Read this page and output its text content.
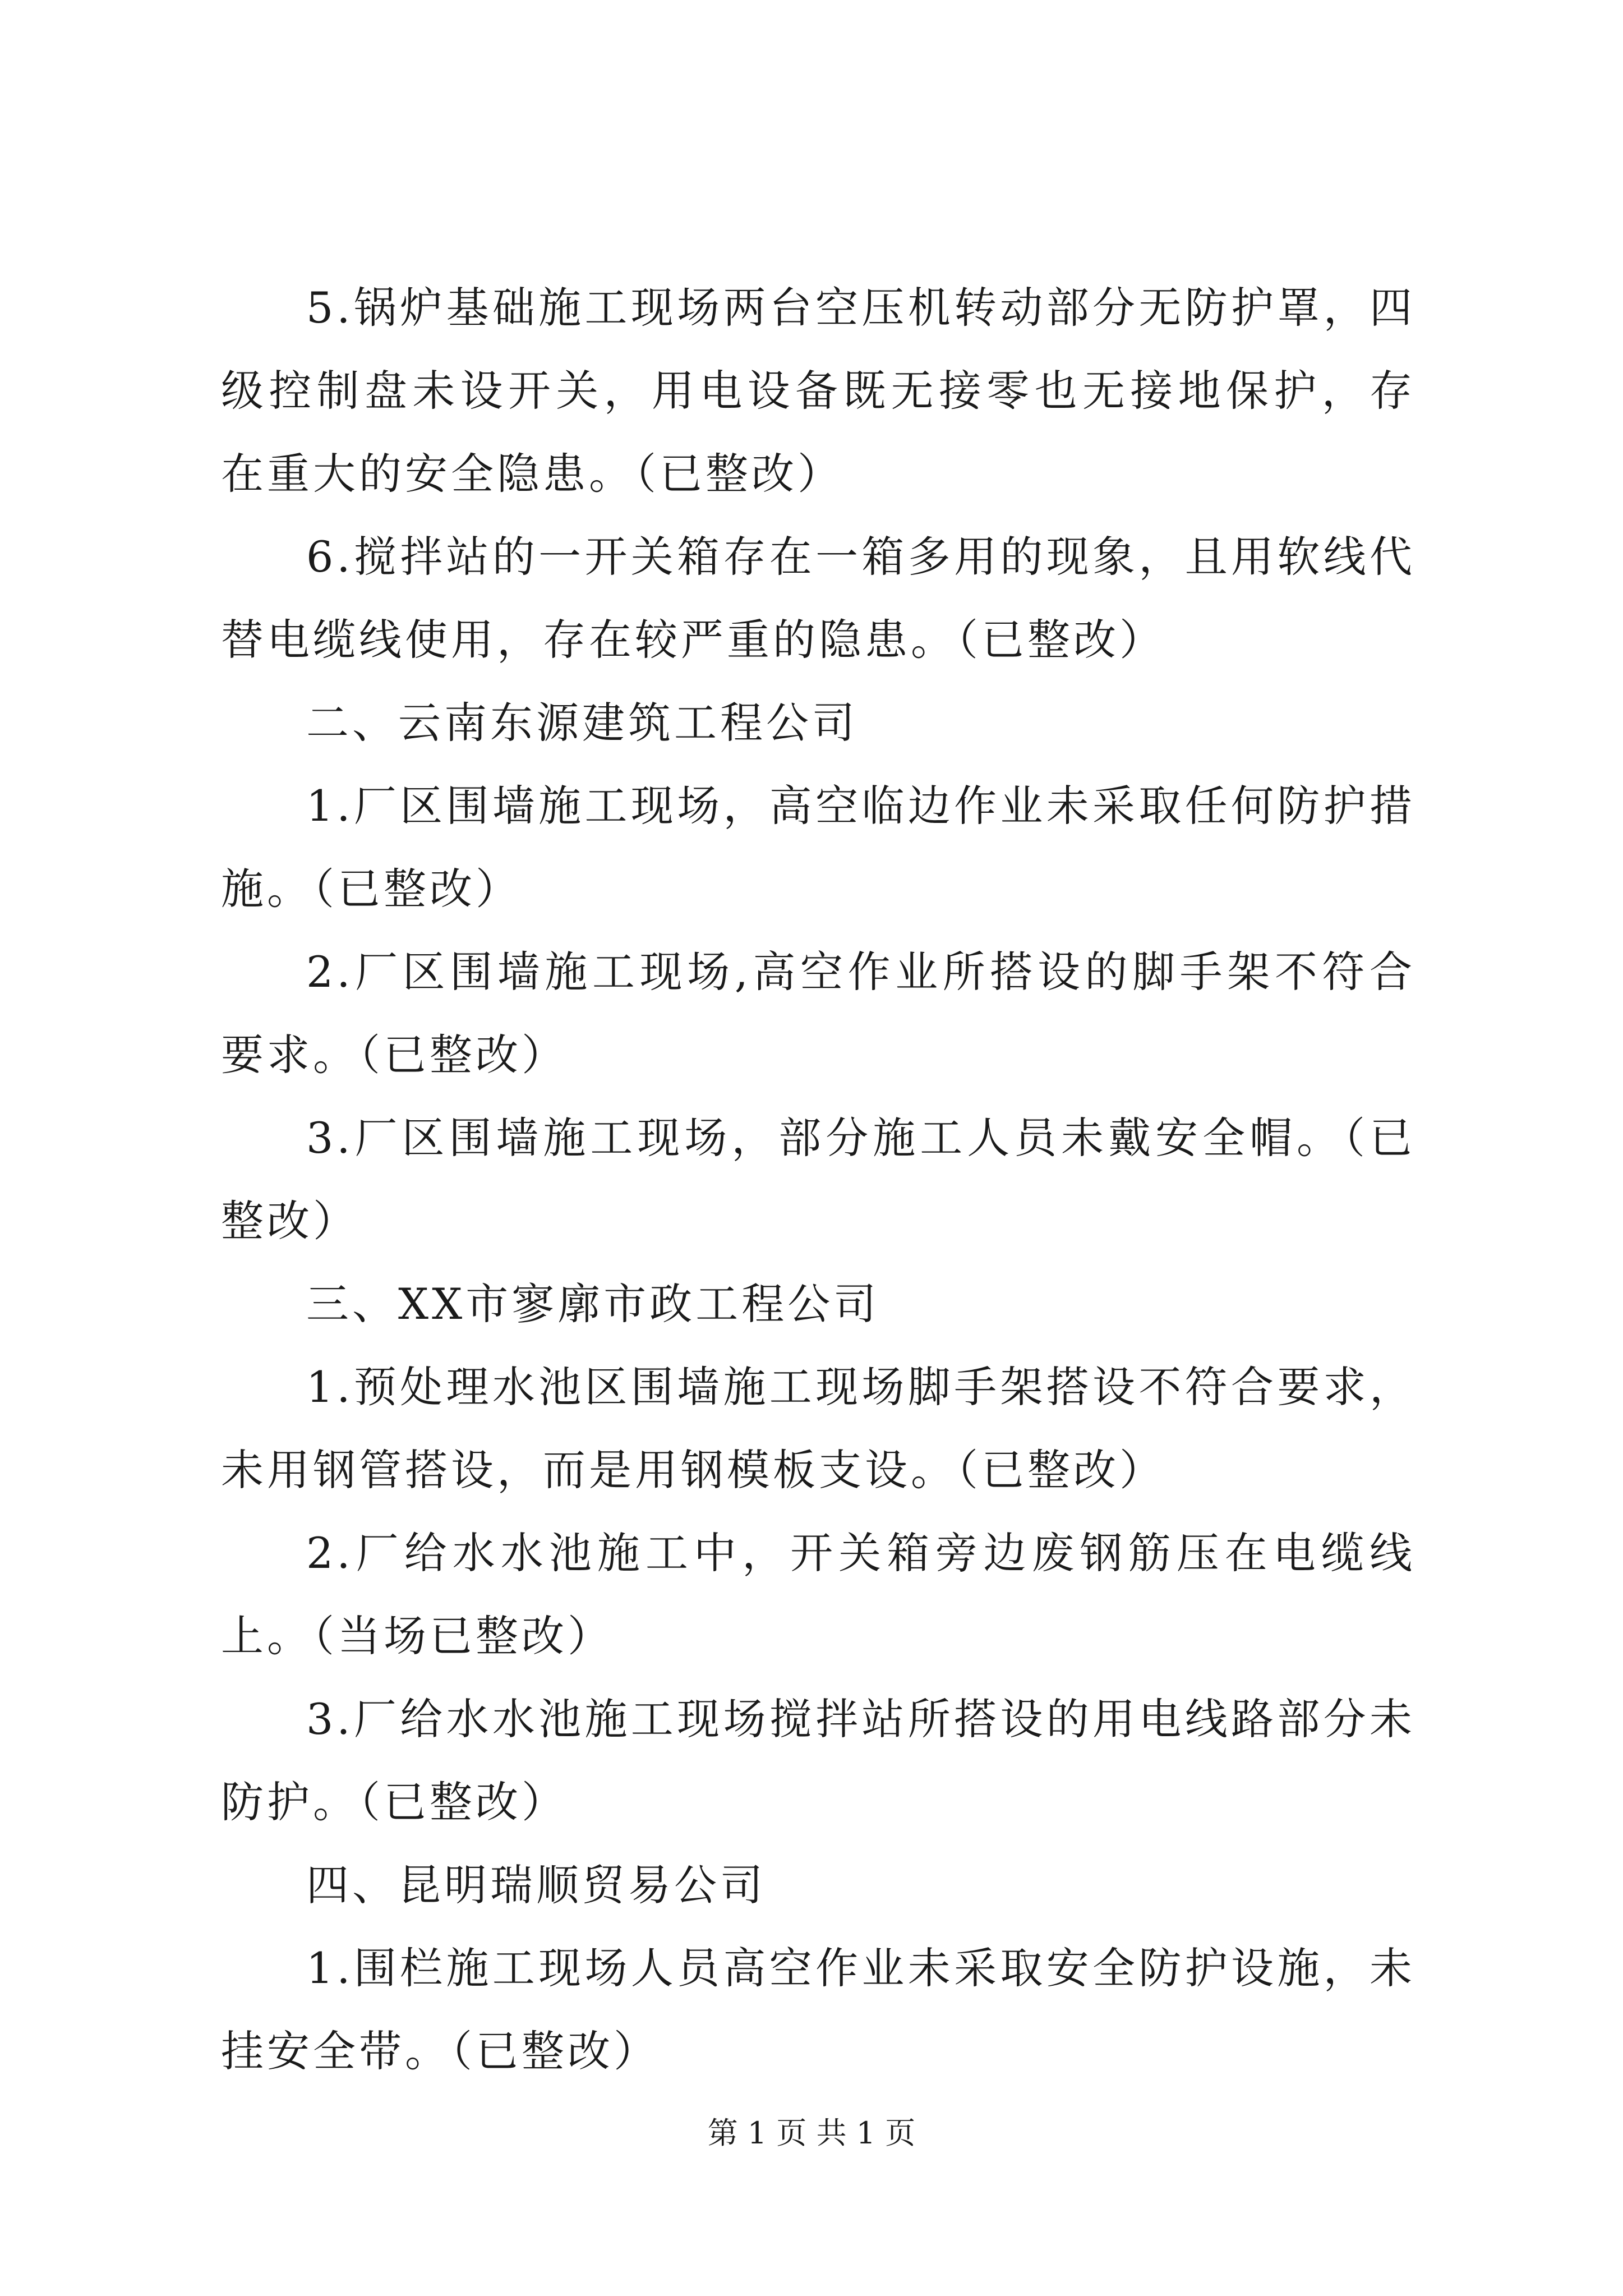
5.锅炉基础施工现场两台空压机转动部分无防护罩，四级控制盘未设开关，用电设备既无接零也无接地保护，存在重大的安全隐患。（已整改）

6.搅拌站的一开关箱存在一箱多用的现象，且用软线代替电缆线使用，存在较严重的隐患。（已整改）

二、云南东源建筑工程公司

1.厂区围墙施工现场，高空临边作业未采取任何防护措施。（已整改）

2.厂区围墙施工现场,高空作业所搭设的脚手架不符合要求。（已整改）

3.厂区围墙施工现场，部分施工人员未戴安全帽。（已整改）

三、XX市寥廓市政工程公司

1.预处理水池区围墙施工现场脚手架搭设不符合要求，未用钢管搭设，而是用钢模板支设。（已整改）

2.厂给水水池施工中，开关箱旁边废钢筋压在电缆线上。（当场已整改）

3.厂给水水池施工现场搅拌站所搭设的用电线路部分未防护。（已整改）

四、昆明瑞顺贸易公司

1.围栏施工现场人员高空作业未采取安全防护设施，未挂安全带。（已整改）

第 1 页 共 1 页
